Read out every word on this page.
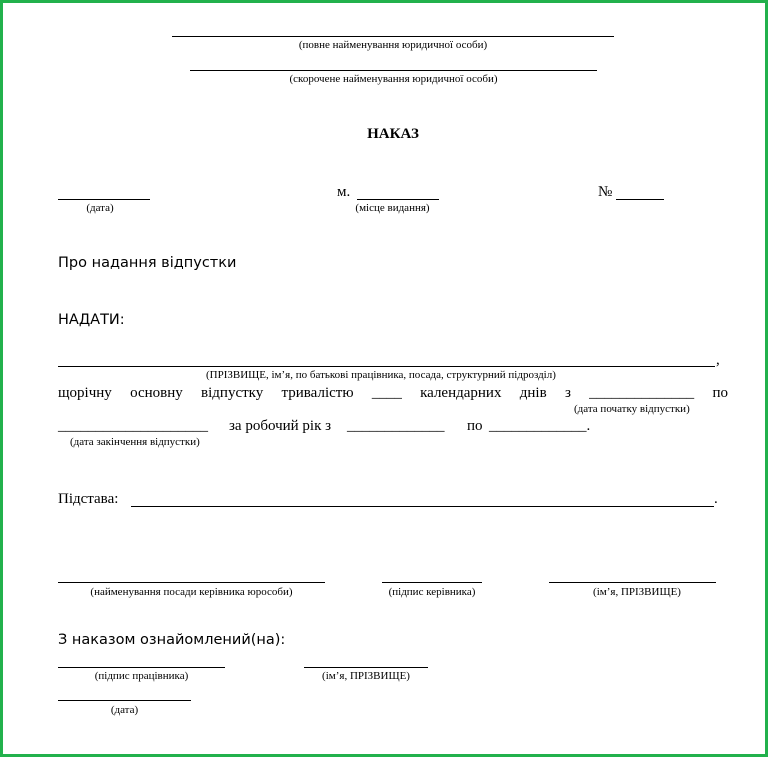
(повне найменування юридичної особи)
(скорочене найменування юридичної особи)
НАКАЗ
(дата)
м.
(місце видання)
№
Про надання відпустки
НАДАТИ:
,
(ПРІЗВИЩЕ, ім’я, по батькові працівника, посада, структурний підрозділ)
щорічну основну відпустку тривалістю ____ календарних днів з ______________ по
(дата початку відпустки)
____________________ за робочий рік з _____________ по _____________.
(дата закінчення відпустки)
Підстава:	.
(найменування посади керівника юрособи)	(підпис керівника)	(ім’я, ПРІЗВИЩЕ)
З наказом ознайомлений(на):
(підпис працівника)	(ім’я, ПРІЗВИЩЕ)
(дата)
